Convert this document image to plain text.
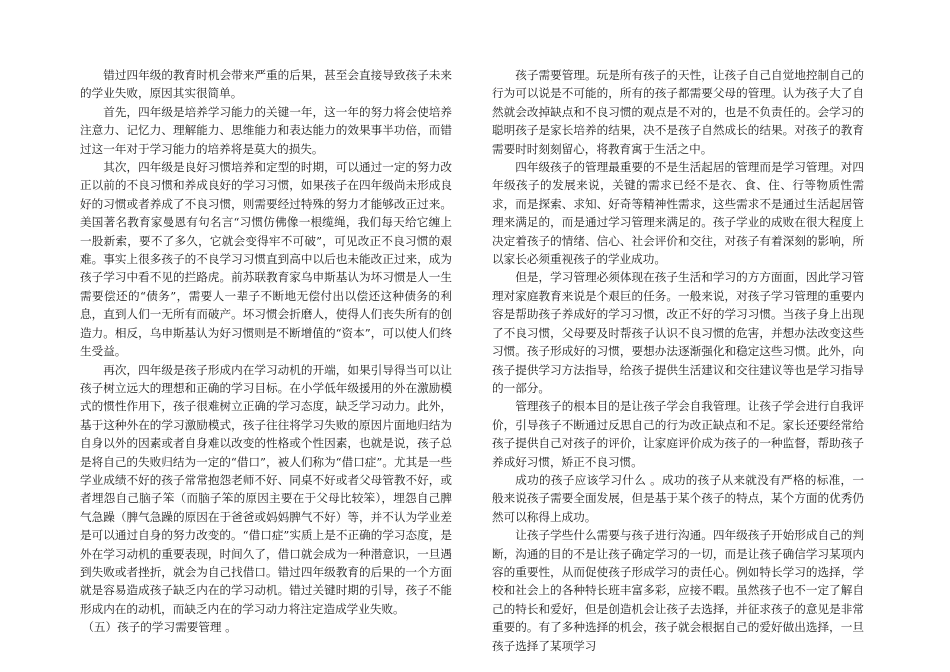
错过四年级的教育时机会带来严重的后果，甚至会直接导致孩子未来的学业失败，原因其实很简单。

首先，四年级是培养学习能力的关键一年，这一年的努力将会使培养注意力、记忆力、理解能力、思维能力和表达能力的效果事半功倍，而错过这一年对于学习能力的培养将是莫大的损失。

其次，四年级是良好习惯培养和定型的时期，可以通过一定的努力改正以前的不良习惯和养成良好的学习习惯，如果孩子在四年级尚未形成良好的习惯或者养成了不良习惯，则需要经过特殊的努力才能够改正过来。美国著名教育家曼恩有句名言“习惯仿佛像一根缆绳，我们每天给它缠上一股新索，要不了多久，它就会变得牢不可破”，可见改正不良习惯的艰难。事实上很多孩子的不良学习习惯直到高中以后也未能改正过来，成为孩子学习中看不见的拦路虎。前苏联教育家乌申斯基认为坏习惯是人一生需要偿还的“债务”，需要人一辈子不断地无偿付出以偿还这种债务的利息，直到人们一无所有而破产。坏习惯会折磨人，使得人们丧失所有的创造力。相反，乌申斯基认为好习惯则是不断增值的“资本”，可以使人们终生受益。

再次，四年级是孩子形成内在学习动机的开端，如果引导得当可以让孩子树立远大的理想和正确的学习目标。在小学低年级援用的外在激励模式的惯性作用下，孩子很难树立正确的学习态度，缺乏学习动力。此外，基于这种外在的学习激励模式，孩子往往将学习失败的原因片面地归结为自身以外的因素或者自身难以改变的性格或个性因素，也就是说，孩子总是将自己的失败归结为一定的“借口”，被人们称为“借口症”。尤其是一些学业成绩不好的孩子常常抱怨老师不好、同桌不好或者父母管教不好，或者埋怨自己脑子笨（而脑子笨的原因主要在于父母比较笨），埋怨自己脾气急躁（脾气急躁的原因在于爸爸或妈妈脾气不好）等，并不认为学业差是可以通过自身的努力改变的。“借口症”实质上是不正确的学习态度，是外在学习动机的重要表现，时间久了，借口就会成为一种潜意识，一旦遇到失败或者挫折，就会为自己找借口。错过四年级教育的后果的一个方面就是容易造成孩子缺乏内在的学习动机。错过关键时期的引导，孩子不能形成内在的动机，而缺乏内在的学习动力将注定造成学业失败。

（五）孩子的学习需要管理 。

孩子需要管理。玩是所有孩子的天性，让孩子自己自觉地控制自己的行为可以说是不可能的，所有的孩子都需要父母的管理。认为孩子大了自然就会改掉缺点和不良习惯的观点是不对的，也是不负责任的。会学习的聪明孩子是家长培养的结果，决不是孩子自然成长的结果。对孩子的教育需要时时刻刻留心，将教育寓于生活之中。

四年级孩子的管理最重要的不是生活起居的管理而是学习管理。对四年级孩子的发展来说，关键的需求已经不是衣、食、住、行等物质性需求，而是探索、求知、好奇等精神性需求，这些需求不是通过生活起居管理来满足的，而是通过学习管理来满足的。孩子学业的成败在很大程度上决定着孩子的情绪、信心、社会评价和交往，对孩子有着深刻的影响，所以家长必须重视孩子的学业成功。

但是，学习管理必须体现在孩子生活和学习的方方面面，因此学习管理对家庭教育来说是个艰巨的任务。一般来说，对孩子学习管理的重要内容是帮助孩子养成好的学习习惯，改正不好的学习习惯。当孩子身上出现了不良习惯，父母要及时帮孩子认识不良习惯的危害，并想办法改变这些习惯。孩子形成好的习惯，要想办法逐渐强化和稳定这些习惯。此外，向孩子提供学习方法指导，给孩子提供生活建议和交往建议等也是学习指导的一部分。

管理孩子的根本目的是让孩子学会自我管理。让孩子学会进行自我评价，引导孩子不断通过反思自己的行为改正缺点和不足。家长还要经常给孩子提供自己对孩子的评价，让家庭评价成为孩子的一种监督，帮助孩子养成好习惯，矫正不良习惯。

成功的孩子应该学习什么 。成功的孩子从来就没有严格的标准，一般来说孩子需要全面发展，但是基于某个孩子的特点，某个方面的优秀仍然可以称得上成功。

让孩子学些什么需要与孩子进行沟通。四年级孩子开始形成自己的判断，沟通的目的不是让孩子确定学习的一切，而是让孩子确信学习某项内容的重要性，从而促使孩子形成学习的责任心。例如特长学习的选择，学校和社会上的各种特长班丰富多彩，应接不暇。虽然孩子也不一定了解自己的特长和爱好，但是创造机会让孩子去选择，并征求孩子的意见是非常重要的。有了多种选择的机会，孩子就会根据自己的爱好做出选择，一旦孩子选择了某项学习
